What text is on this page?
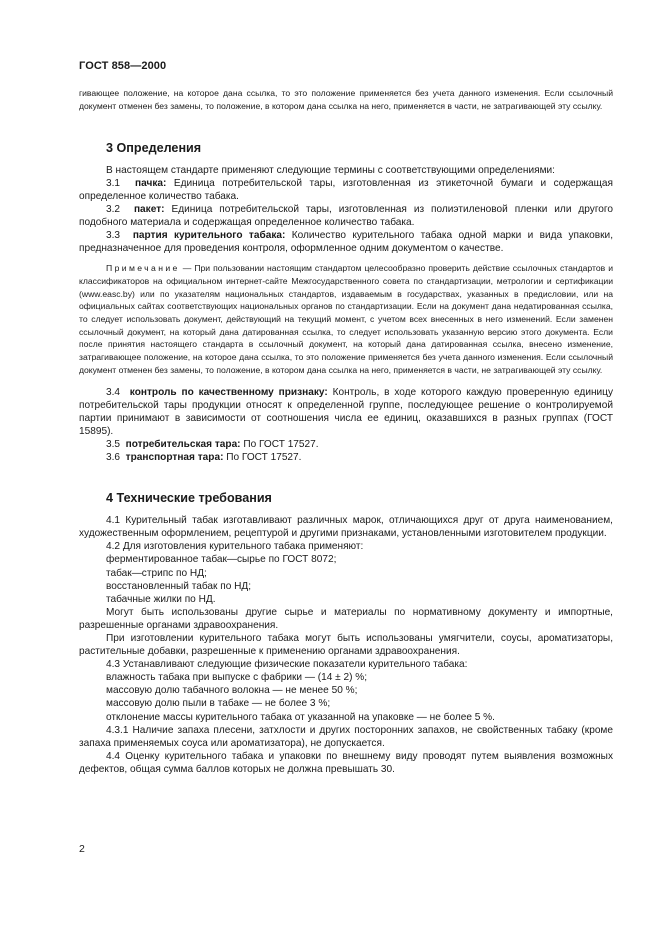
ГОСТ 858—2000

гивающее положение, на которое дана ссылка, то это положение применяется без учета данного изменения. Если ссылочный документ отменен без замены, то положение, в котором дана ссылка на него, применяется в части, не затрагивающей эту ссылку.

3 Определения

В настоящем стандарте применяют следующие термины с соответствующими определениями:

3.1 пачка: Единица потребительской тары, изготовленная из этикеточной бумаги и содержащая определенное количество табака.

3.2 пакет: Единица потребительской тары, изготовленная из полиэтиленовой пленки или другого подобного материала и содержащая определенное количество табака.

3.3 партия курительного табака: Количество курительного табака одной марки и вида упаковки, предназначенное для проведения контроля, оформленное одним документом о качестве.

Примечание — При пользовании настоящим стандартом целесообразно проверить действие ссылочных стандартов и классификаторов на официальном интернет-сайте Межгосударственного совета по стандартизации, метрологии и сертификации (www.easc.by) или по указателям национальных стандартов, издаваемым в государствах, указанных в предисловии, или на официальных сайтах соответствующих национальных органов по стандартизации. Если на документ дана недатированная ссылка, то следует использовать документ, действующий на текущий момент, с учетом всех внесенных в него изменений. Если заменен ссылочный документ, на который дана датированная ссылка, то следует использовать указанную версию этого документа. Если после принятия настоящего стандарта в ссылочный документ, на который дана датированная ссылка, внесено изменение, затрагивающее положение, на которое дана ссылка, то это положение применяется без учета данного изменения. Если ссылочный документ отменен без замены, то положение, в котором дана ссылка на него, применяется в части, не затрагивающей эту ссылку.

3.4 контроль по качественному признаку: Контроль, в ходе которого каждую проверенную единицу потребительской тары продукции относят к определенной группе, последующее решение о контролируемой партии принимают в зависимости от соотношения числа ее единиц, оказавшихся в разных группах (ГОСТ 15895).

3.5 потребительская тара: По ГОСТ 17527.

3.6 транспортная тара: По ГОСТ 17527.

4 Технические требования

4.1 Курительный табак изготавливают различных марок, отличающихся друг от друга наименованием, художественным оформлением, рецептурой и другими признаками, установленными изготовителем продукции.

4.2 Для изготовления курительного табака применяют:

ферментированное табак—сырье по ГОСТ 8072;

табак—стрипс по НД;

восстановленный табак по НД;

табачные жилки по НД.

Могут быть использованы другие сырье и материалы по нормативному документу и импортные, разрешенные органами здравоохранения.

При изготовлении курительного табака могут быть использованы умягчители, соусы, ароматизаторы, растительные добавки, разрешенные к применению органами здравоохранения.

4.3 Устанавливают следующие физические показатели курительного табака:

влажность табака при выпуске с фабрики — (14 ± 2) %;

массовую долю табачного волокна — не менее 50 %;

массовую долю пыли в табаке — не более 3 %;

отклонение массы курительного табака от указанной на упаковке — не более 5 %.

4.3.1 Наличие запаха плесени, затхлости и других посторонних запахов, не свойственных табаку (кроме запаха применяемых соуса или ароматизатора), не допускается.

4.4 Оценку курительного табака и упаковки по внешнему виду проводят путем выявления возможных дефектов, общая сумма баллов которых не должна превышать 30.

2
